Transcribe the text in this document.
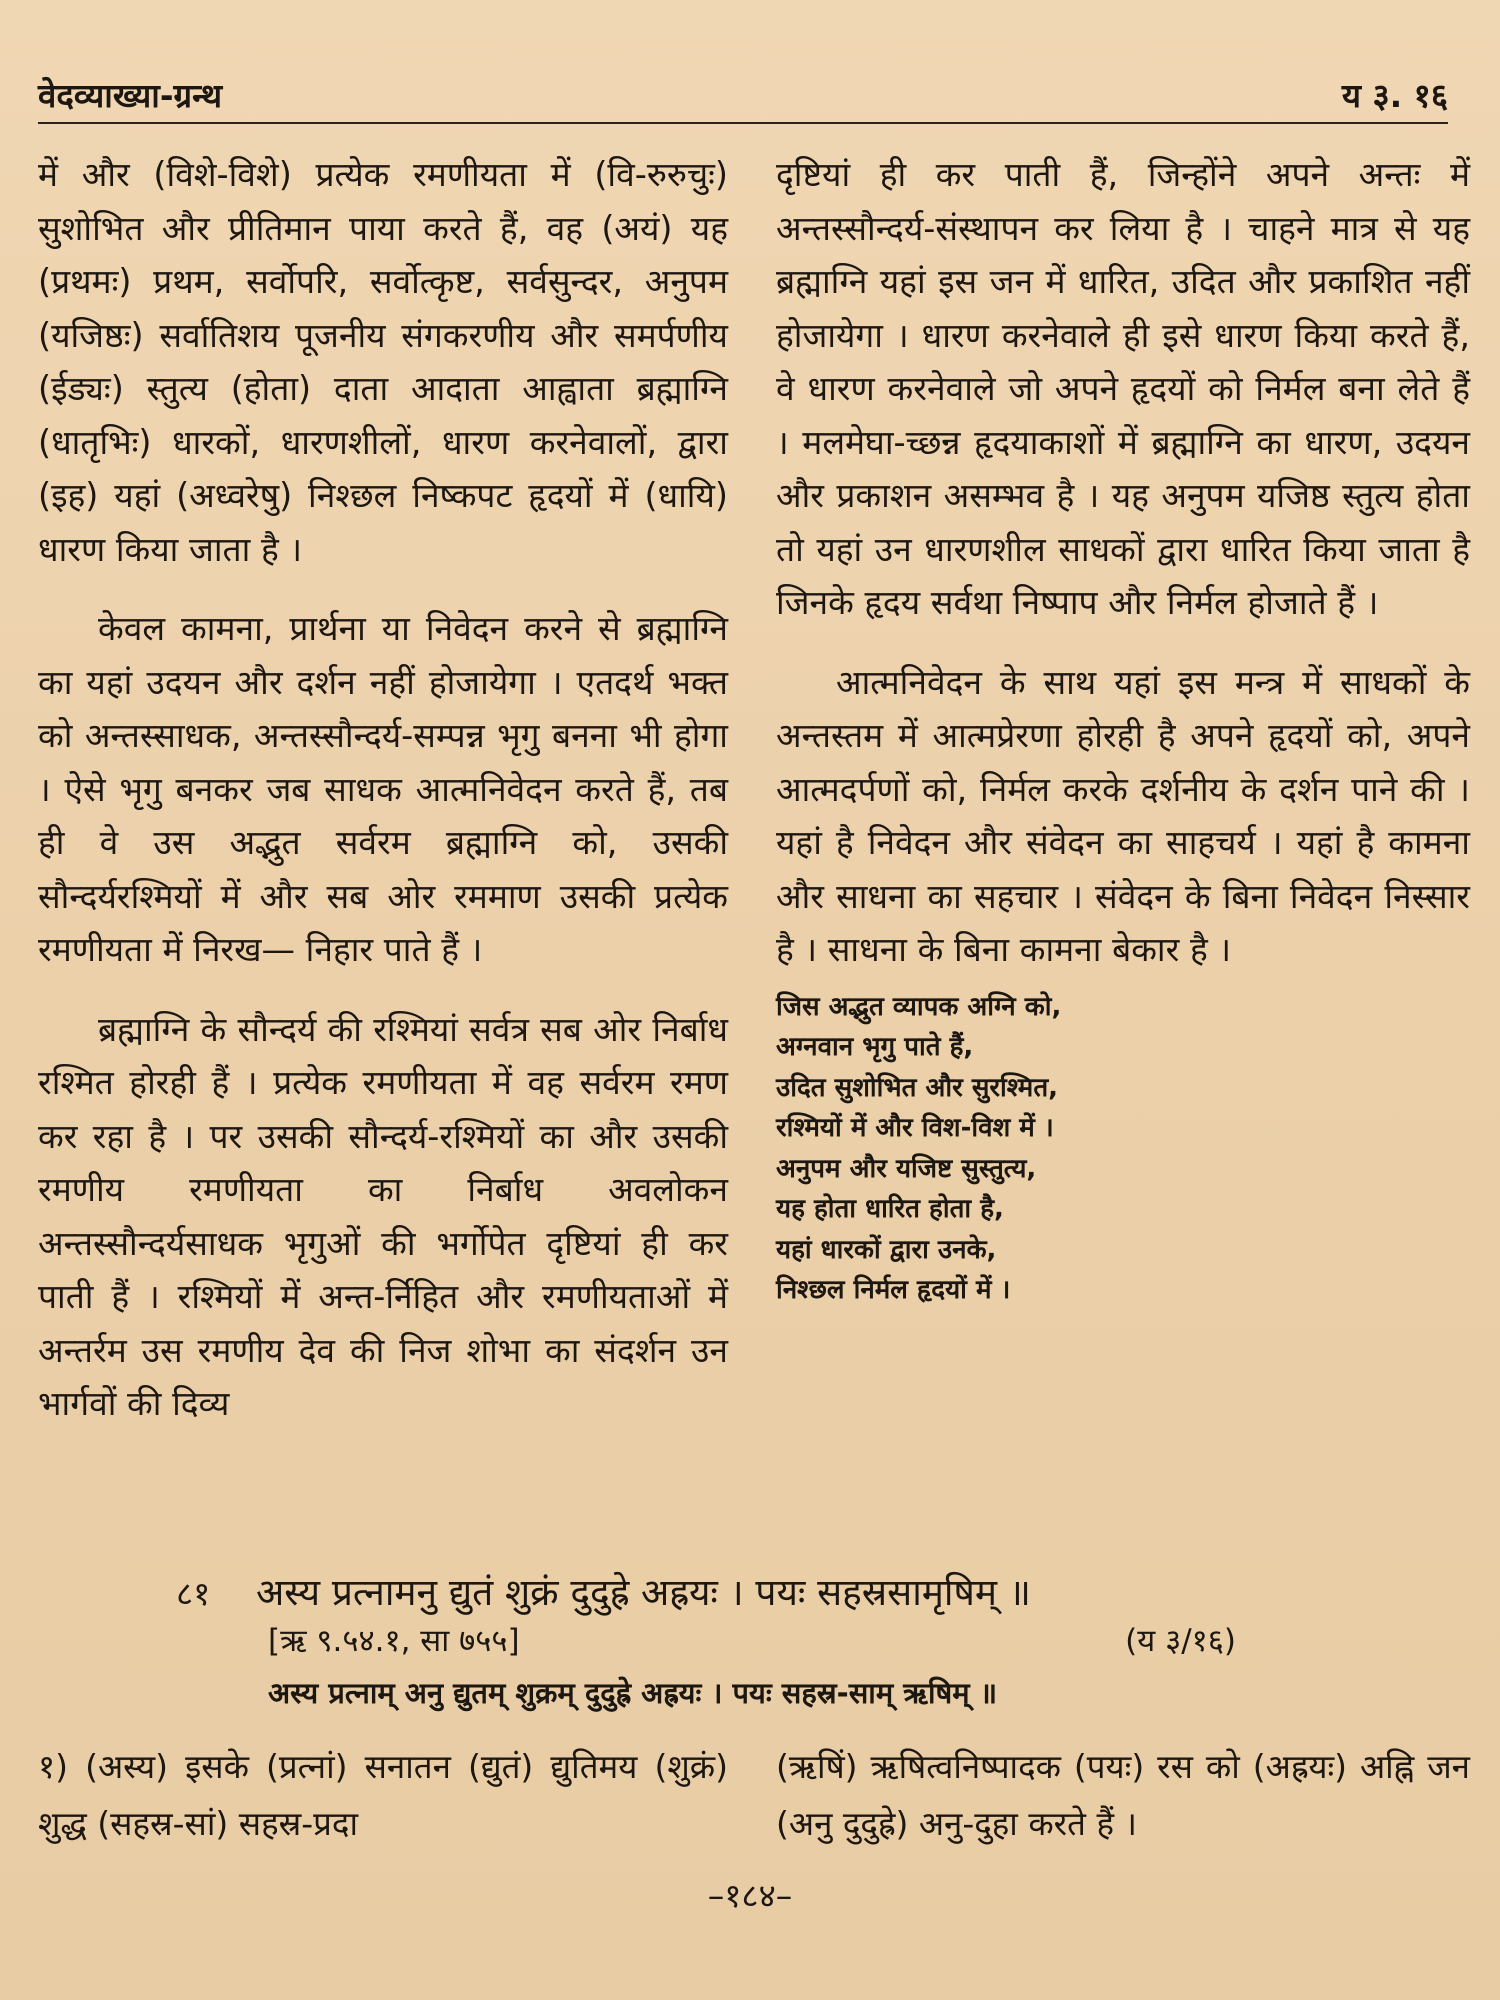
वेदव्याख्या-ग्रन्थ	य ३. १६

में और (विशे-विशे) प्रत्येक रमणीयता में (वि-रुरुचुः) सुशोभित और प्रीतिमान पाया करते हैं, वह (अयं) यह (प्रथमः) प्रथम, सर्वोपरि, सर्वोत्कृष्ट, सर्वसुन्दर, अनुपम (यजिष्ठः) सर्वातिशय पूजनीय संगकरणीय और समर्पणीय (ईड्यः) स्तुत्य (होता) दाता आदाता आह्वाता ब्रह्माग्नि (धातृभिः) धारकों, धारणशीलों, धारण करनेवालों, द्वारा (इह) यहां (अध्वरेषु) निश्छल निष्कपट हृदयों में (धायि) धारण किया जाता है ।

केवल कामना, प्रार्थना या निवेदन करने से ब्रह्माग्नि का यहां उदयन और दर्शन नहीं होजायेगा । एतदर्थ भक्त को अन्तस्साधक, अन्तस्सौन्दर्य-सम्पन्न भृगु बनना भी होगा । ऐसे भृगु बनकर जब साधक आत्मनिवेदन करते हैं, तब ही वे उस अद्भुत सर्वरम ब्रह्माग्नि को, उसकी सौन्दर्यरश्मियों में और सब ओर रममाण उसकी प्रत्येक रमणीयता में निरख— निहार पाते हैं ।

ब्रह्माग्नि के सौन्दर्य की रश्मियां सर्वत्र सब ओर निर्बाध रश्मित होरही हैं । प्रत्येक रमणीयता में वह सर्वरम रमण कर रहा है । पर उसकी सौन्दर्य-रश्मियों का और उसकी रमणीय रमणीयता का निर्बाध अवलोकन अन्तस्सौन्दर्यसाधक भृगुओं की भर्गोपेत दृष्टियां ही कर पाती हैं । रश्मियों में अन्त-र्निहित और रमणीयताओं में अन्तर्रम उस रमणीय देव की निज शोभा का संदर्शन उन भार्गवों की दिव्य

दृष्टियां ही कर पाती हैं, जिन्होंने अपने अन्तः में अन्तस्सौन्दर्य-संस्थापन कर लिया है । चाहने मात्र से यह ब्रह्माग्नि यहां इस जन में धारित, उदित और प्रकाशित नहीं होजायेगा । धारण करनेवाले ही इसे धारण किया करते हैं, वे धारण करनेवाले जो अपने हृदयों को निर्मल बना लेते हैं । मलमेघा-च्छन्न हृदयाकाशों में ब्रह्माग्नि का धारण, उदयन और प्रकाशन असम्भव है । यह अनुपम यजिष्ठ स्तुत्य होता तो यहां उन धारणशील साधकों द्वारा धारित किया जाता है जिनके हृदय सर्वथा निष्पाप और निर्मल होजाते हैं ।

आत्मनिवेदन के साथ यहां इस मन्त्र में साधकों के अन्तस्तम में आत्मप्रेरणा होरही है अपने हृदयों को, अपने आत्मदर्पणों को, निर्मल करके दर्शनीय के दर्शन पाने की । यहां है निवेदन और संवेदन का साहचर्य । यहां है कामना और साधना का सहचार । संवेदन के बिना निवेदन निस्सार है । साधना के बिना कामना बेकार है ।

जिस अद्भुत व्यापक अग्नि को,
अग्नवान भृगु पाते हैं,
उदित सुशोभित और सुरश्मित,
रश्मियों में और विश-विश में ।
अनुपम और यजिष्ट सुस्तुत्य,
यह होता धारित होता है,
यहां धारकों द्वारा उनके,
निश्छल निर्मल हृदयों में ।
८१ अस्य प्रत्नामनु द्युतं शुक्रं दुदुह्रे अह्रयः । पयः सहस्रसामृषिम् ॥
[ऋ ९.५४.१, सा ७५५]	(य ३/१६)
अस्य प्रत्नाम् अनु द्युतम् शुक्रम् दुदुह्रे अह्रयः । पयः सहस्र-साम् ऋषिम् ॥

१) (अस्य) इसके (प्रत्नां) सनातन (द्युतं) द्युतिमय (शुक्रं) शुद्ध (सहस्र-सां) सहस्र-प्रदा

(ऋषिं) ऋषित्वनिष्पादक (पयः) रस को (अह्रयः) अह्नि जन (अनु दुदुह्रे) अनु-दुहा करते हैं ।

–१८४–
